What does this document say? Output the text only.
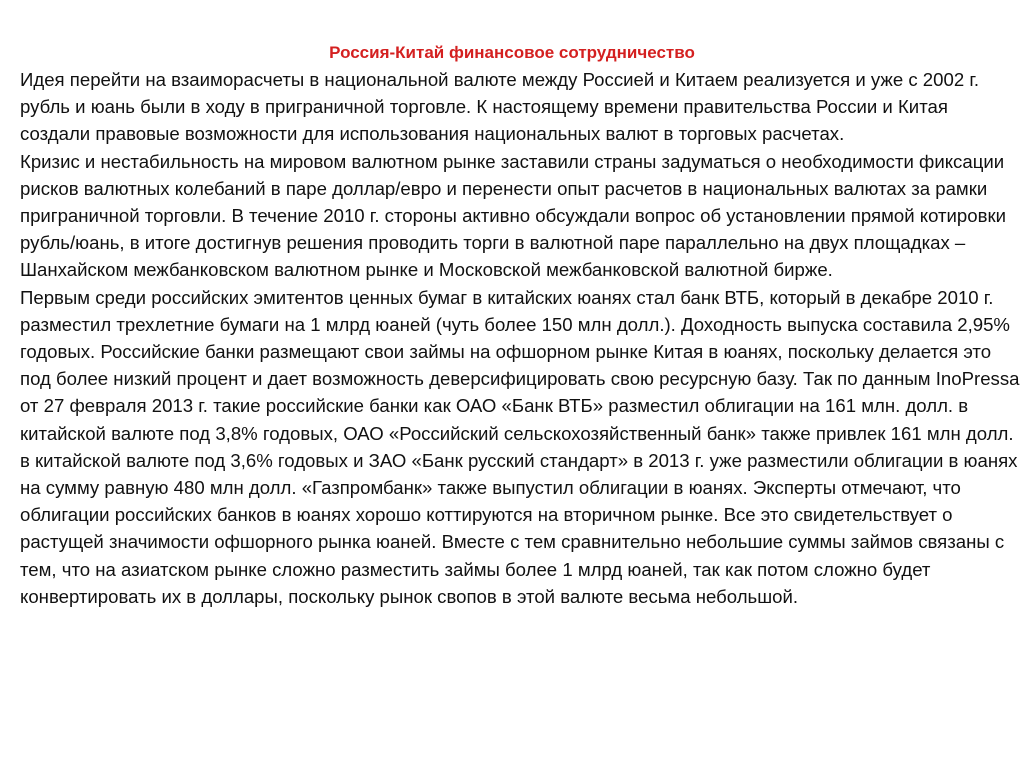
Россия-Китай финансовое сотрудничество

Идея перейти на взаиморасчеты в национальной валюте между Россией и Китаем реализуется и уже с 2002 г. рубль и юань были в ходу в приграничной торговле. К настоящему времени правительства России и Китая создали правовые возможности для использования национальных валют в торговых расчетах.

Кризис и нестабильность на мировом валютном рынке заставили страны задуматься о необходимости фиксации рисков валютных колебаний в паре доллар/евро и перенести опыт расчетов в национальных валютах за рамки приграничной торговли. В течение 2010 г. стороны активно обсуждали вопрос об установлении прямой котировки рубль/юань, в итоге достигнув решения проводить торги в валютной паре параллельно на двух площадках – Шанхайском межбанковском валютном рынке и Московской межбанковской валютной бирже.

Первым среди российских эмитентов ценных бумаг в китайских юанях стал банк ВТБ, который в декабре 2010 г. разместил трехлетние бумаги на 1 млрд юаней (чуть более 150 млн долл.). Доходность выпуска составила 2,95% годовых. Российские банки размещают свои займы на офшорном рынке Китая в юанях, поскольку делается это под более низкий процент и дает возможность деверсифицировать свою ресурсную базу. Так по данным InoPressa от 27 февраля 2013 г. такие российские банки как ОАО «Банк ВТБ» разместил облигации на 161 млн. долл. в китайской валюте под 3,8% годовых, ОАО «Российский сельскохозяйственный банк» также привлек 161 млн долл. в китайской валюте под 3,6% годовых и ЗАО «Банк русский стандарт» в 2013 г. уже разместили облигации в юанях на сумму равную 480 млн долл. «Газпромбанк» также выпустил облигации в юанях. Эксперты отмечают, что облигации российских банков в юанях хорошо коттируются на вторичном рынке. Все это свидетельствует о растущей значимости офшорного рынка юаней. Вместе с тем сравнительно небольшие суммы займов связаны с тем, что на азиатском рынке сложно разместить займы более 1 млрд юаней, так как потом сложно будет конвертировать их в доллары, поскольку рынок свопов в этой валюте весьма небольшой.
